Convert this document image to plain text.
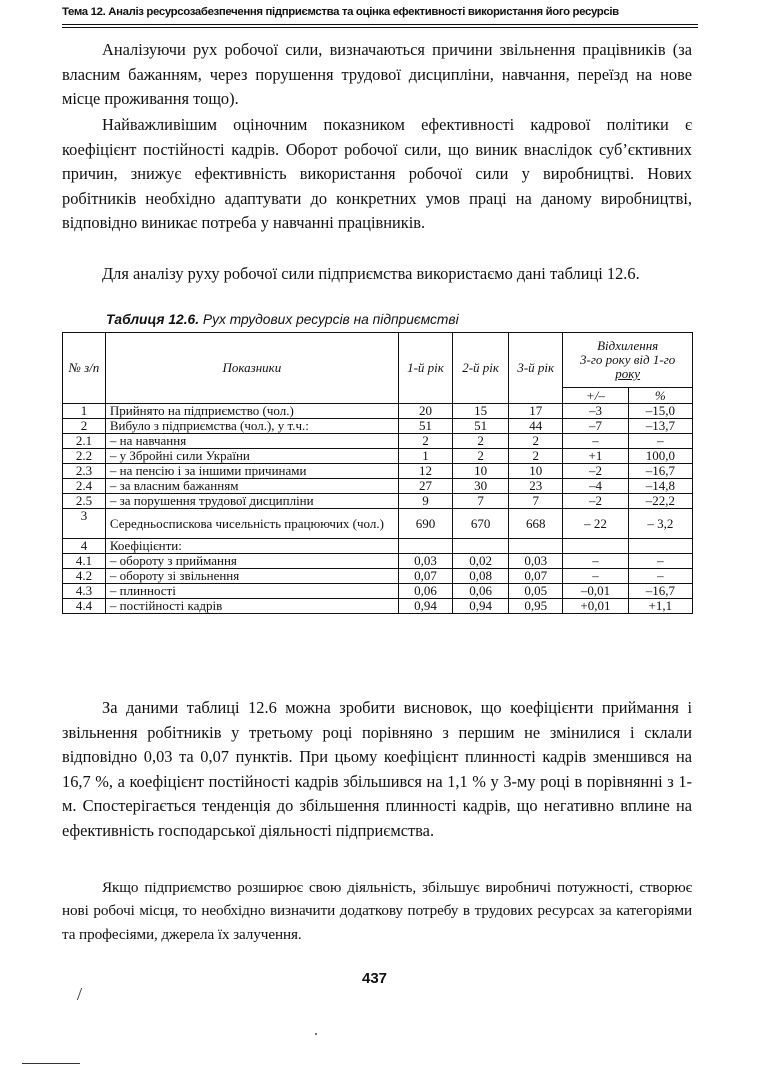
Тема 12. Аналіз ресурсозабезпечення підприємства та оцінка ефективності використання його ресурсів

Аналізуючи рух робочої сили, визначаються причини звільнення працівників (за власним бажанням, через порушення трудової дисципліни, навчання, переїзд на нове місце проживання тощо).

Найважливішим оціночним показником ефективності кадрової політики є коефіцієнт постійності кадрів. Оборот робочої сили, що виник внаслідок суб’єктивних причин, знижує ефективність використання робочої сили у виробництві. Нових робітників необхідно адаптувати до конкретних умов праці на даному виробництві, відповідно виникає потреба у навчанні працівників.

Для аналізу руху робочої сили підприємства використаємо дані таблиці 12.6.

Таблиця 12.6. Рух трудових ресурсів на підприємстві
№ з/п	Показники	1-й рік	2-й рік	3-й рік	Відхилення
3-го року від 1-го
року	

					+/–	%
1	Прийнято на підприємство (чол.)	20	15	17	–3	–15,0
2	Вибуло з підприємства (чол.), у т.ч.:	51	51	44	–7	–13,7
2.1	– на навчання	2	2	2	–	–
2.2	– у Збройні сили України	1	2	2	+1	100,0
2.3	– на пенсію і за іншими причинами	12	10	10	–2	–16,7
2.4	– за власним бажанням	27	30	23	–4	–14,8
2.5	– за порушення трудової дисципліни	9	7	7	–2	–22,2
3	Середньоспискова чисельність працюючих (чол.)	690	670	668	– 22	– 3,2
4	Коефіцієнти:					
4.1	– обороту з приймання	0,03	0,02	0,03	–	–
4.2	– обороту зі звільнення	0,07	0,08	0,07	–	–
4.3	– плинності	0,06	0,06	0,05	–0,01	–16,7
4.4	– постійності кадрів	0,94	0,94	0,95	+0,01	+1,1

За даними таблиці 12.6 можна зробити висновок, що коефіцієнти приймання і звільнення робітників у третьому році порівняно з першим не змінилися і склали відповідно 0,03 та 0,07 пунктів. При цьому коефіцієнт плинності кадрів зменшився на 16,7 %, а коефіцієнт постійності кадрів збільшився на 1,1 % у 3-му році в порівнянні з 1-м. Спостерігається тенденція до збільшення плинності кадрів, що негативно вплине на ефективність господарської діяльності підприємства.

Якщо підприємство розширює свою діяльність, збільшує виробничі потужності, створює нові робочі місця, то необхідно визначити додаткову потребу в трудових ресурсах за категоріями та професіями, джерела їх залучення.

437
